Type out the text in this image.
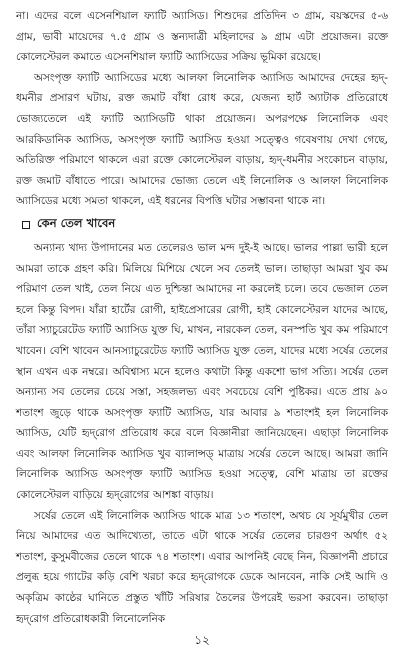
না। এদের বলে এসেনশিয়াল ফ্যাটি অ্যাসিড। শিশুদের প্রতিদিন ৩ গ্রাম, বয়স্কদের ৫-৬ গ্রাম, ভাবী মায়েদের ৭.৫ গ্রাম ও স্তন্যদাত্রী মহিলাদের ৯ গ্রাম এটা প্রয়োজন। রক্তে কোলেস্টেরল কমাতে এসেনশিয়াল ফ্যাটি অ্যাসিডের সক্রিয় ভূমিকা রয়েছে।

অসংপৃক্ত ফ্যাটি অ্যাসিডের মধ্যে আলফা লিনোলিক অ্যাসিড আমাদের দেহের হৃদ্‌-ধমনীর প্রসারণ ঘটায়, রক্ত জমাট বাঁধা রোধ করে, যেজন্য হার্ট অ্যাটাক প্রতিরোধে ভোজ্যতেলে এই ফ্যাটি অ্যাসিডটি থাকা প্রয়োজন। অপরপক্ষে লিনোলিক এবং আরকিডানিক অ্যাসিড, অসংপৃক্ত ফ্যাটি অ্যাসিড হওয়া সত্ত্বেও গবেষণায় দেখা গেছে, অতিরিক্ত পরিমাণে থাকলে এরা রক্তে কোলেস্টেরল বাড়ায়, হৃদ্‌-ধমনীর সংকোচন বাড়ায়, রক্ত জমাট বাঁধাতে পারে। আমাদের ভোজ্য তেলে এই লিনোলিক ও আলফা লিনোলিক অ্যাসিডের মধ্যে সমতা থাকলে, এই ধরনের বিপত্তি ঘটার সম্ভাবনা থাকে না।

কেন তেল খাবেন

অন্যান্য খাদ্য উপাদানের মত তেলেরও ভাল মন্দ দুই-ই আছে। ভালর পাল্লা ভারী হলে আমরা তাকে গ্রহণ করি। মিলিয়ে মিশিয়ে খেলে সব তেলই ভাল। তাছাড়া আমরা খুব কম পরিমাণ তেল খাই, তেল নিয়ে এত দুশ্চিন্তা আমাদের না করলেই চলে। তবে ভেজাল তেল হলে কিন্তু বিপদ। যাঁরা হার্টের রোগী, হাইপ্রেসারের রোগী, হাই কোলেস্টেরল যাদের আছে, তাঁরা স্যাচুরেটেড ফ্যাটি অ্যাসিড যুক্ত ঘি, মাখন, নারকেল তেল, বনস্পতি খুব কম পরিমাণে খাবেন। বেশি খাবেন আনস্যাচুরেটেড ফ্যাটি অ্যাসিড যুক্ত তেল, যাদের মধ্যে সর্ষের তেলের স্থান এখন এক নম্বরে। অবিশ্বাস্য মনে হলেও কথাটা কিন্তু একশো ভাগ সত্যি। সর্ষের তেল অন্যান্য সব তেলের চেয়ে সস্তা, সহজলভ্য এবং সবচেয়ে বেশি পুষ্টিকর। এতে প্রায় ৯০ শতাংশ জুড়ে থাকে অসংপৃক্ত ফ্যাটি অ্যাসিড, যার আবার ৯ শতাংশই হল লিনোলিক অ্যাসিড, যেটি হৃদ্‌রোগ প্রতিরোধ করে বলে বিজ্ঞানীরা জানিয়েছেন। এছাড়া লিনোলিক এবং আলফা লিনোলিক অ্যাসিড খুব ব্যালান্সড্‌ মাত্রায় সর্ষের তেলে আছে। আমরা জানি লিনোলিক অ্যাসিড অসংপৃক্ত ফ্যাটি অ্যাসিড হওয়া সত্ত্বে, বেশি মাত্রায় তা রক্তের কোলেস্টেরল বাড়িয়ে হৃদ্‌রোগের আশঙ্কা বাড়ায়।

সর্ষের তেলে এই লিনোলিক অ্যাসিড থাকে মাত্র ১৩ শতাংশ, অথচ যে সূর্যমুখীর তেল নিয়ে আমাদের এত আদিখ্যেতা, তাতে এটা থাকে সর্ষের তেলের চারগুণ অর্থাৎ ৫২ শতাংশ, কুসুমবীজের তেলে থাকে ৭৪ শতাংশ। এবার আপনিই বেছে নিন, বিজ্ঞাপনী প্রচারে প্রলুব্ধ হয়ে গ্যাটের কড়ি বেশি খরচা করে হৃদ্‌রোগকে ডেকে আনবেন, নাকি সেই আদি ও অকৃত্রিম কাষ্ঠের ঘানিতে প্রস্তুত খাঁটি সরিষার তৈলের উপরেই ভরসা করবেন। তাছাড়া হৃদ্‌রোগ প্রতিরোধকারী লিনোলেনিক

১২
